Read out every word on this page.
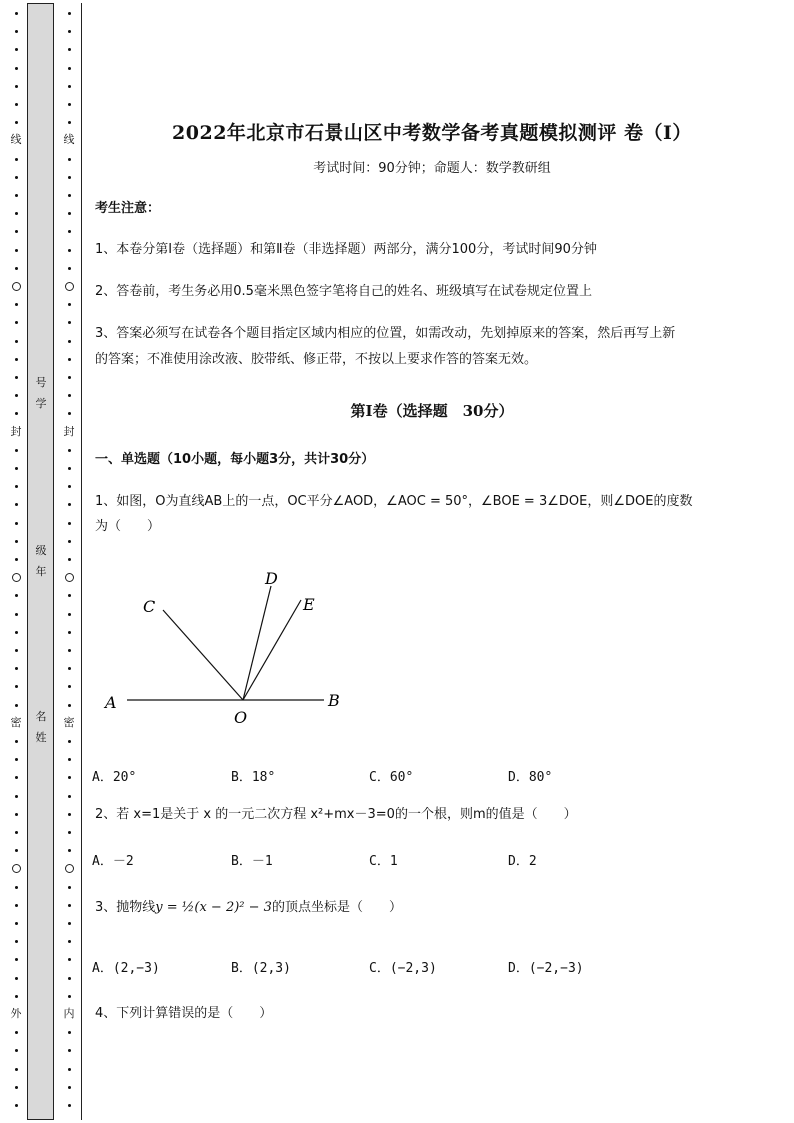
线
封
密
外
线
封
密
内
号
学
级
年
名
姓
2022年北京市石景山区中考数学备考真题模拟测评 卷（Ⅰ）
考试时间：90分钟；命题人：数学教研组
考生注意：
1、本卷分第Ⅰ卷（选择题）和第Ⅱ卷（非选择题）两部分，满分100分，考试时间90分钟
2、答卷前，考生务必用0.5毫米黑色签字笔将自己的姓名、班级填写在试卷规定位置上
3、答案必须写在试卷各个题目指定区域内相应的位置，如需改动，先划掉原来的答案，然后再写上新
的答案；不准使用涂改液、胶带纸、修正带，不按以上要求作答的答案无效。
第Ⅰ卷（选择题　30分）
一、单选题（10小题，每小题3分，共计30分）
1、如图，O为直线AB上的一点，OC平分∠AOD，∠AOC = 50°，∠BOE = 3∠DOE，则∠DOE的度数
为（　　）
A	B
C
D
E
O
A．20°	B．18°	C．60°	D．80°
2、若 x=1是关于 x 的一元二次方程 x²+mx－3=0的一个根，则m的值是（　　）
A．－2	B．－1	C．1	D．2
3、抛物线y = ½(x − 2)² − 3的顶点坐标是（　　）
A．(2,−3)	B．(2,3)	C．(−2,3)	D．(−2,−3)
4、下列计算错误的是（　　）
